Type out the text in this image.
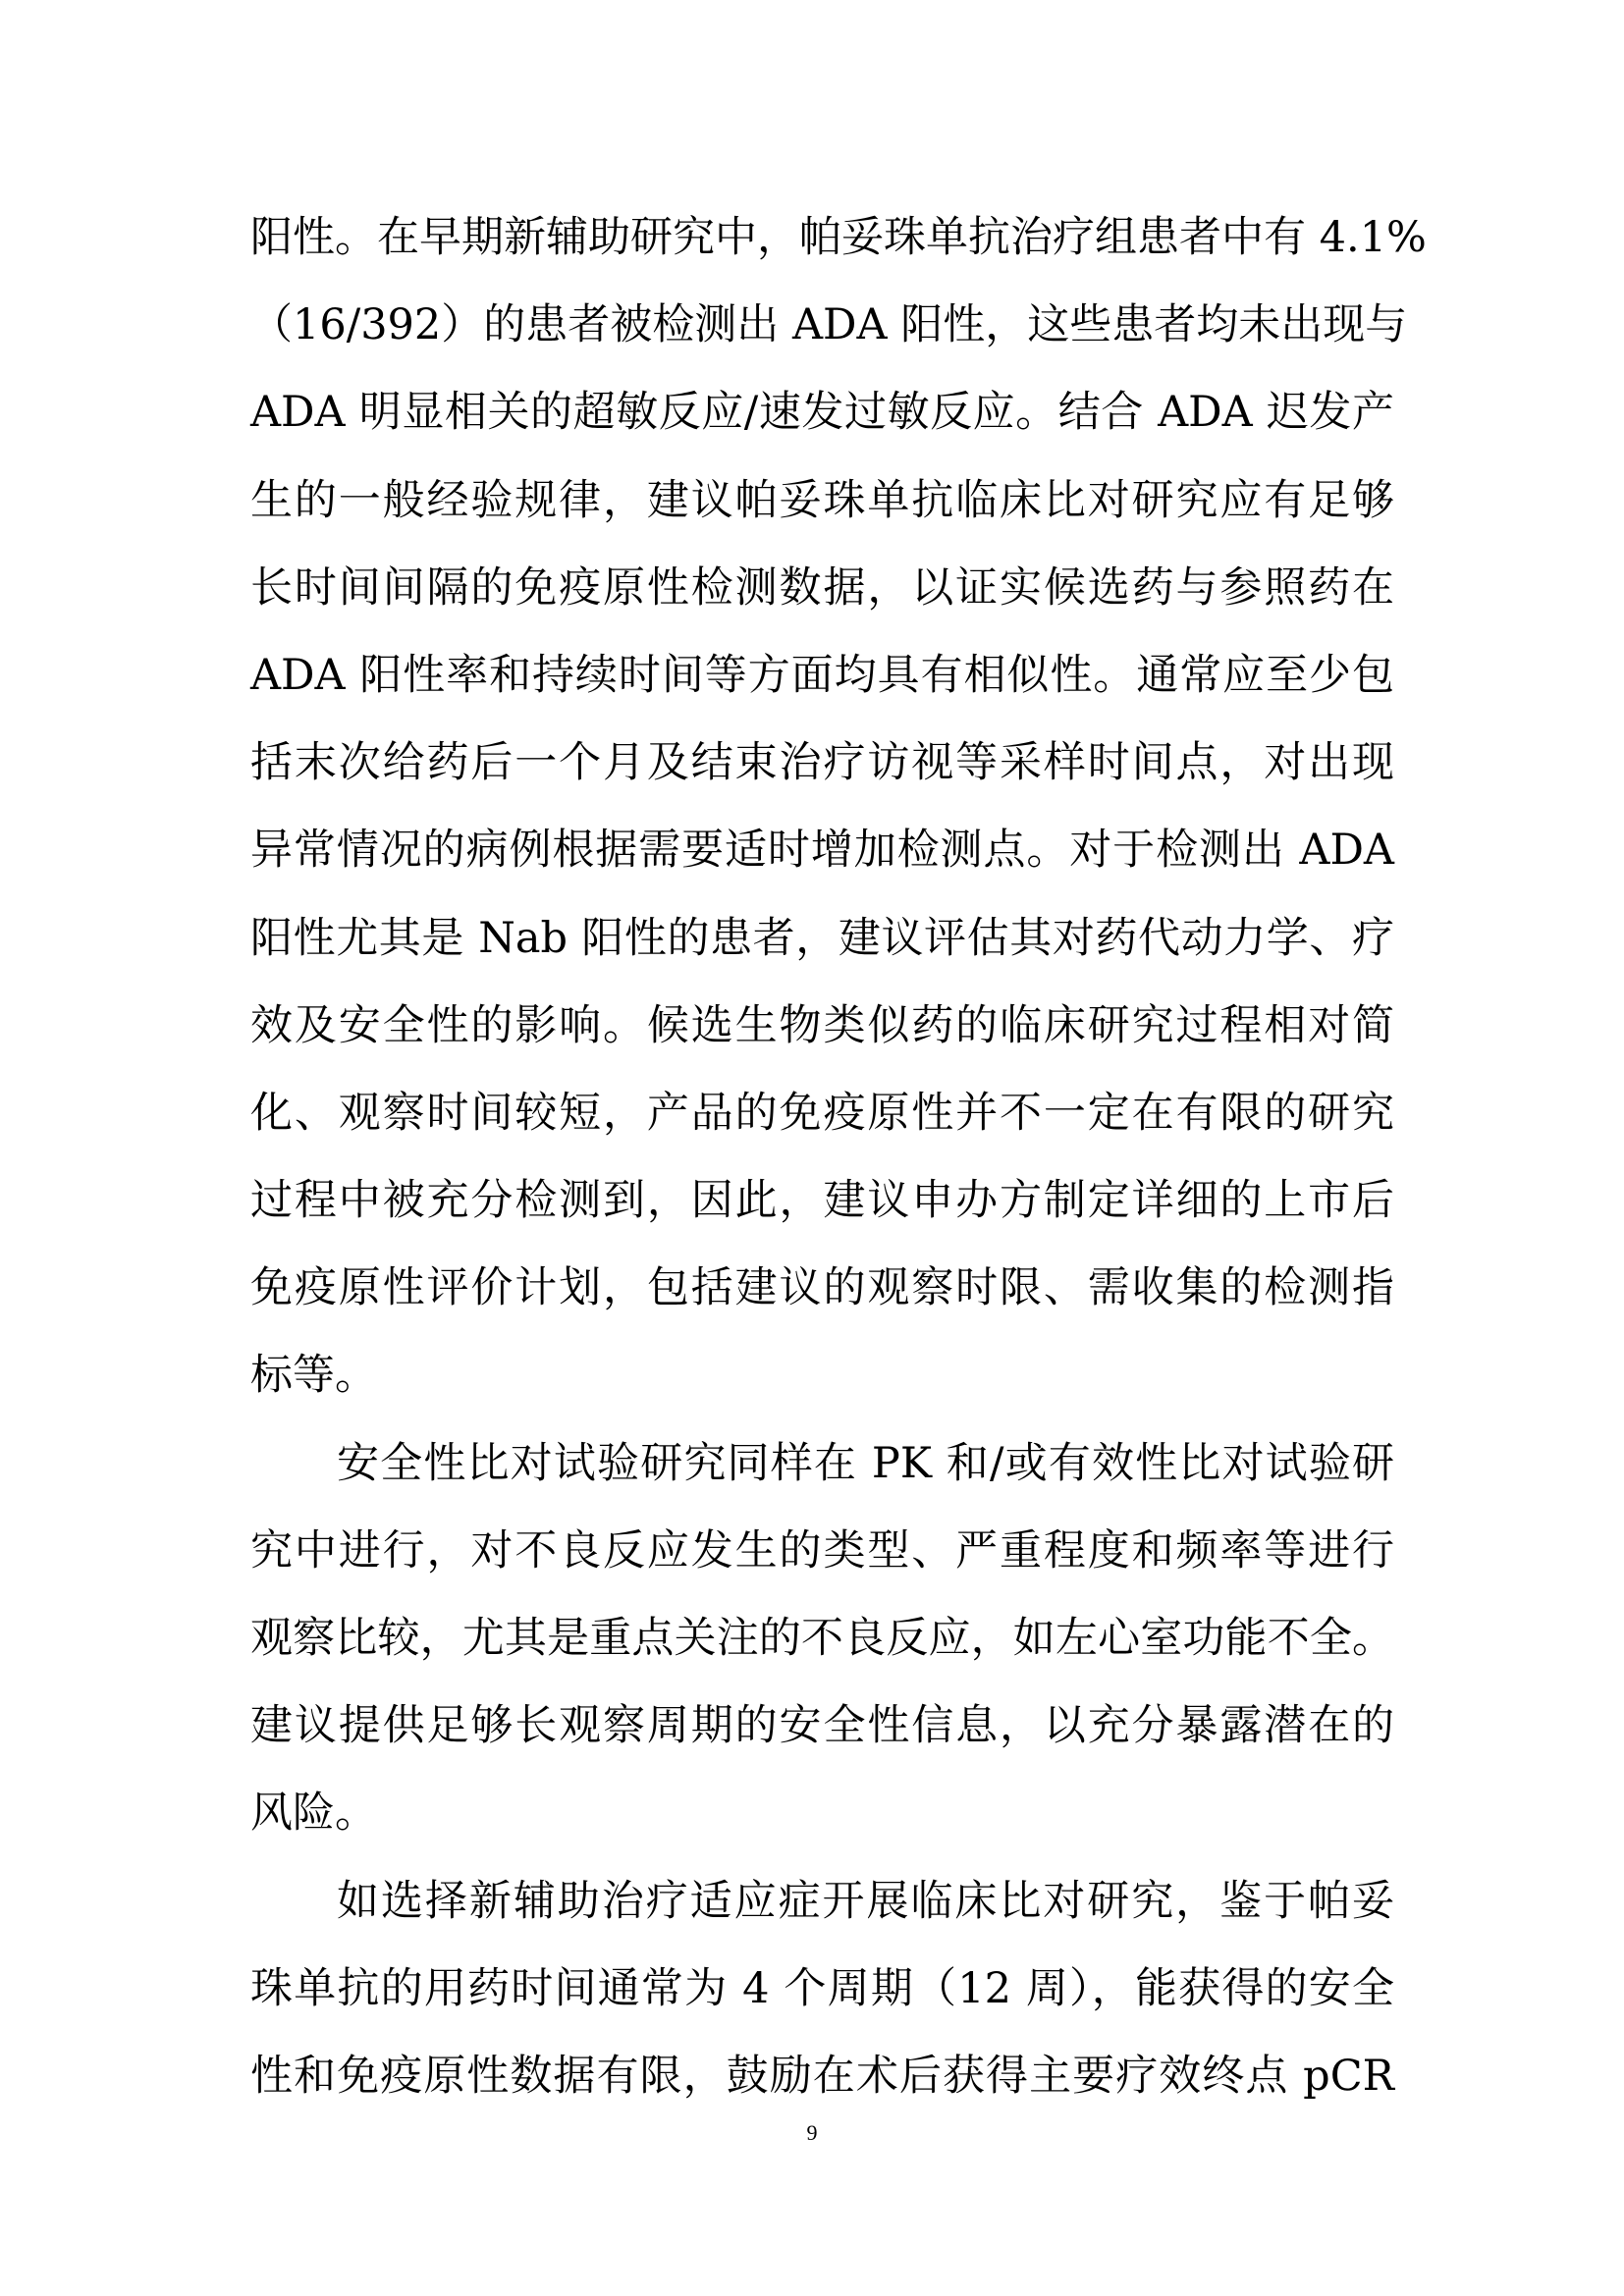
阳性。在早期新辅助研究中，帕妥珠单抗治疗组患者中有 4.1%
（16/392）的患者被检测出 ADA 阳性，这些患者均未出现与
ADA 明显相关的超敏反应/速发过敏反应。结合 ADA 迟发产
生的一般经验规律，建议帕妥珠单抗临床比对研究应有足够
长时间间隔的免疫原性检测数据，以证实候选药与参照药在
ADA 阳性率和持续时间等方面均具有相似性。通常应至少包
括末次给药后一个月及结束治疗访视等采样时间点，对出现
异常情况的病例根据需要适时增加检测点。对于检测出 ADA
阳性尤其是 Nab 阳性的患者，建议评估其对药代动力学、疗
效及安全性的影响。候选生物类似药的临床研究过程相对简
化、观察时间较短，产品的免疫原性并不一定在有限的研究
过程中被充分检测到，因此，建议申办方制定详细的上市后
免疫原性评价计划，包括建议的观察时限、需收集的检测指
标等。
安全性比对试验研究同样在 PK 和/或有效性比对试验研
究中进行，对不良反应发生的类型、严重程度和频率等进行
观察比较，尤其是重点关注的不良反应，如左心室功能不全。
建议提供足够长观察周期的安全性信息，以充分暴露潜在的
风险。
如选择新辅助治疗适应症开展临床比对研究，鉴于帕妥
珠单抗的用药时间通常为 4 个周期（12 周），能获得的安全
性和免疫原性数据有限，鼓励在术后获得主要疗效终点 pCR
9
